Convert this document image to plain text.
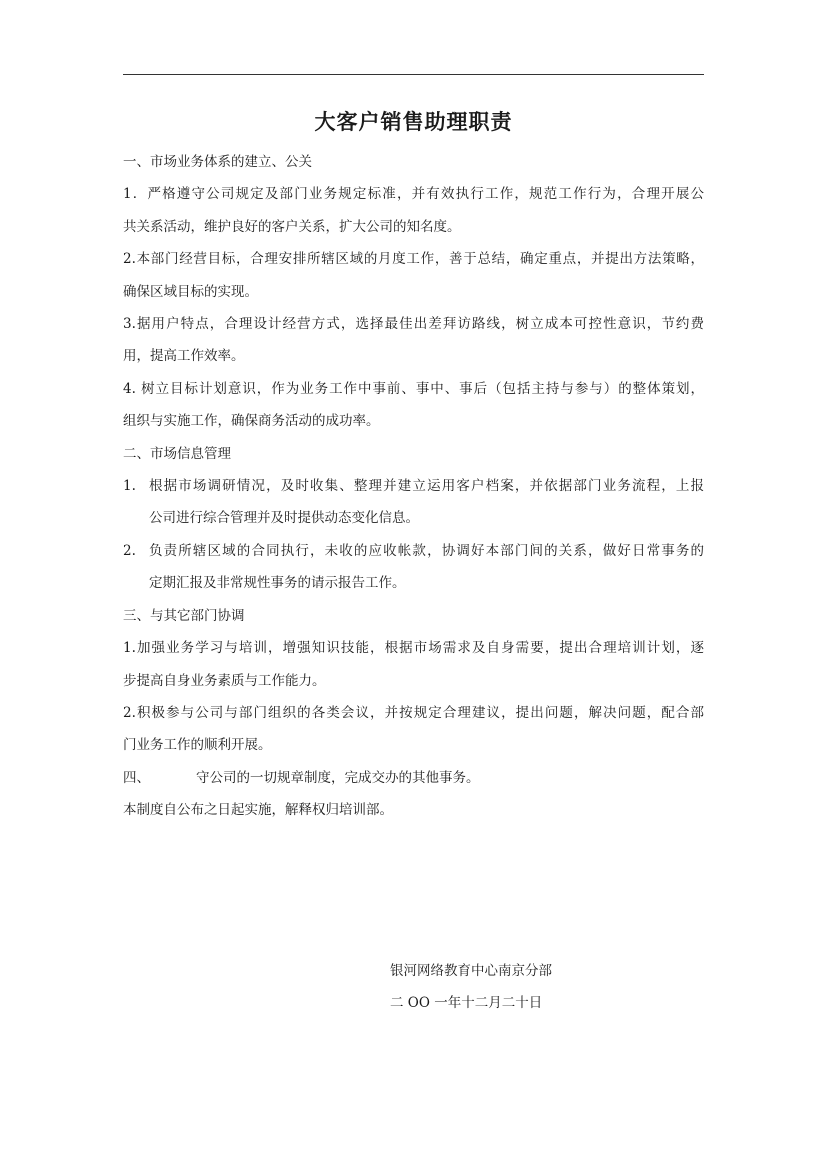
大客户销售助理职责
一、市场业务体系的建立、公关
1．严格遵守公司规定及部门业务规定标准，并有效执行工作，规范工作行为，合理开展公
共关系活动，维护良好的客户关系，扩大公司的知名度。
2.本部门经营目标，合理安排所辖区域的月度工作，善于总结，确定重点，并提出方法策略，
确保区域目标的实现。
3.据用户特点，合理设计经营方式，选择最佳出差拜访路线，树立成本可控性意识，节约费
用，提高工作效率。
4. 树立目标计划意识，作为业务工作中事前、事中、事后（包括主持与参与）的整体策划，
组织与实施工作，确保商务活动的成功率。
二、市场信息管理
1. 根据市场调研情况，及时收集、整理并建立运用客户档案，并依据部门业务流程，上报
公司进行综合管理并及时提供动态变化信息。
2. 负责所辖区域的合同执行，未收的应收帐款，协调好本部门间的关系，做好日常事务的
定期汇报及非常规性事务的请示报告工作。
三、与其它部门协调
1.加强业务学习与培训，增强知识技能，根据市场需求及自身需要，提出合理培训计划，逐
步提高自身业务素质与工作能力。
2.积极参与公司与部门组织的各类会议，并按规定合理建议，提出问题，解决问题，配合部
门业务工作的顺利开展。
四、	守公司的一切规章制度，完成交办的其他事务。
本制度自公布之日起实施，解释权归培训部。
银河网络教育中心南京分部
二 OO 一年十二月二十日
